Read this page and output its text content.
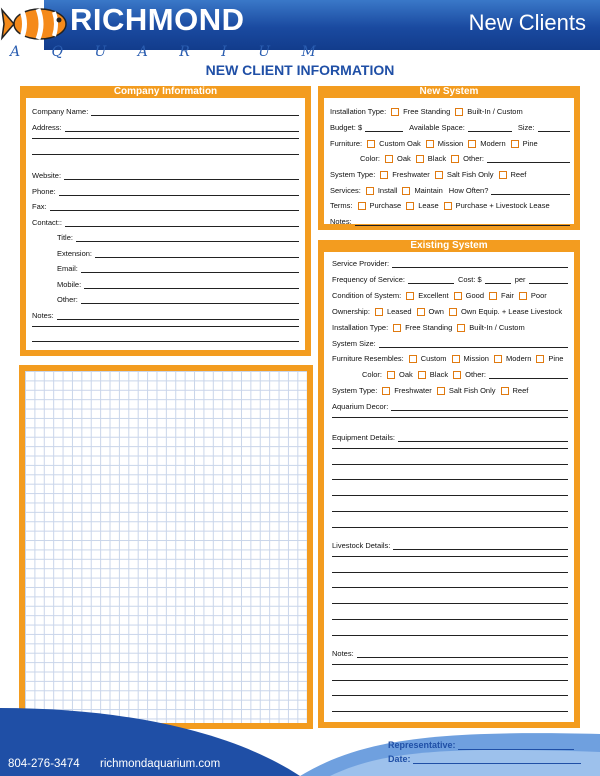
RICHMOND
A Q U A R I U M
New Clients
NEW CLIENT INFORMATION
Company Information
Company Name:
Address:
Website:
Phone:
Fax:
Contact::
Title:
Extension:
Email:
Mobile:
Other:
Notes:
New System
Installation Type: Free Standing Built-In / Custom
Budget: $	Available Space:	Size:
Furniture: Custom Oak Mission Modern Pine
Color: Oak Black Other:
System Type: Freshwater Salt Fish Only Reef
Services: Install Maintain How Often?
Terms: Purchase Lease Purchase + Livestock Lease
Notes:
Existing System
Service Provider:
Frequency of Service:	Cost: $	per
Condition of System: Excellent Good Fair Poor
Ownership: Leased Own Own Equip. + Lease Livestock
Installation Type: Free Standing Built-In / Custom
System Size:
Furniture Resembles: Custom Mission Modern Pine
Color: Oak Black Other:
System Type: Freshwater Salt Fish Only Reef
Aquarium Decor:
Equipment Details:
Livestock Details:
Notes:
804-276-3474 richmondaquarium.com
Representative:
Date:
